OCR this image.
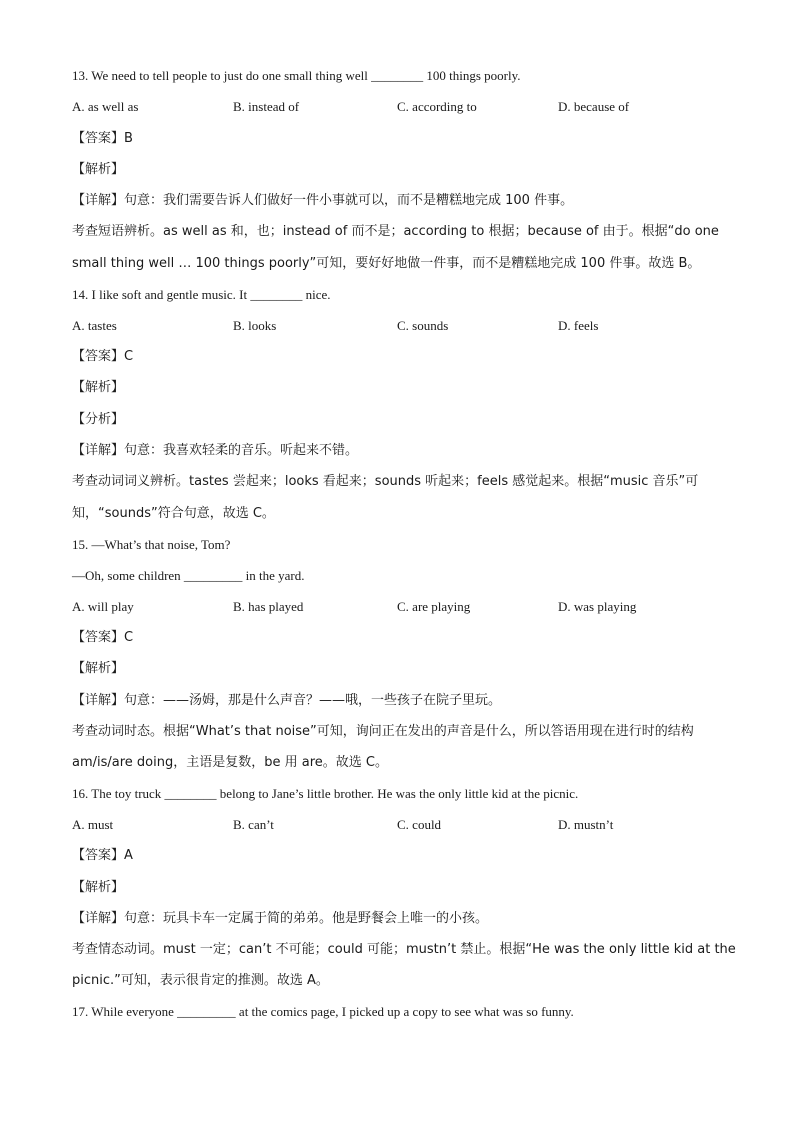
13. We need to tell people to just do one small thing well ________ 100 things poorly.
A. as well as	B. instead of	C. according to	D. because of
【答案】B
【解析】
【详解】句意：我们需要告诉人们做好一件小事就可以，而不是糟糕地完成 100 件事。
考查短语辨析。as well as 和，也；instead of 而不是；according to 根据；because of 由于。根据“do one
small thing well … 100 things poorly”可知，要好好地做一件事，而不是糟糕地完成 100 件事。故选 B。
14. I like soft and gentle music. It ________ nice.
A. tastes	B. looks	C. sounds	D. feels
【答案】C
【解析】
【分析】
【详解】句意：我喜欢轻柔的音乐。听起来不错。
考查动词词义辨析。tastes 尝起来；looks 看起来；sounds 听起来；feels 感觉起来。根据“music 音乐”可
知，“sounds”符合句意，故选 C。
15. —What’s that noise, Tom?
—Oh, some children _________ in the yard.
A. will play	B. has played	C. are playing	D. was playing
【答案】C
【解析】
【详解】句意：——汤姆，那是什么声音？——哦，一些孩子在院子里玩。
考查动词时态。根据“What’s that noise”可知，询问正在发出的声音是什么，所以答语用现在进行时的结构
am/is/are doing，主语是复数，be 用 are。故选 C。
16. The toy truck ________ belong to Jane’s little brother. He was the only little kid at the picnic.
A. must	B. can’t	C. could	D. mustn’t
【答案】A
【解析】
【详解】句意：玩具卡车一定属于简的弟弟。他是野餐会上唯一的小孩。
考查情态动词。must 一定；can’t 不可能；could 可能；mustn’t 禁止。根据“He was the only little kid at the
picnic.”可知，表示很肯定的推测。故选 A。
17. While everyone _________ at the comics page, I picked up a copy to see what was so funny.
